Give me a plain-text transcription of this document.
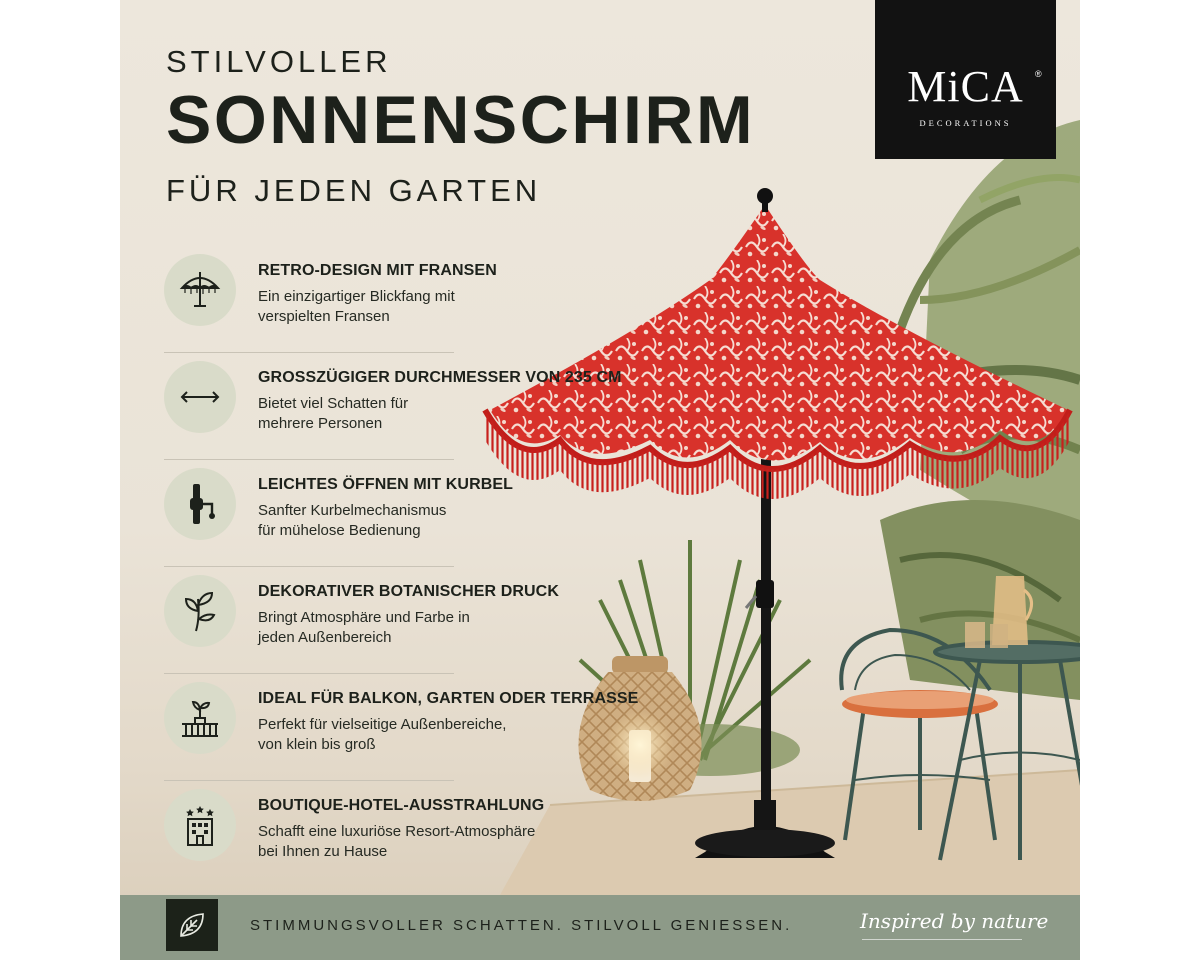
STILVOLLER
SONNENSCHIRM
FÜR JEDEN GARTEN
MiCA	®
DECORATIONS
RETRO-DESIGN MIT FRANSEN
Ein einzigartiger Blickfang mit
verspielten Fransen
GROSSZÜGIGER DURCHMESSER VON 235 CM
Bietet viel Schatten für
mehrere Personen
LEICHTES ÖFFNEN MIT KURBEL
Sanfter Kurbelmechanismus
für mühelose Bedienung
DEKORATIVER BOTANISCHER DRUCK
Bringt Atmosphäre und Farbe in
jeden Außenbereich
IDEAL FÜR BALKON, GARTEN ODER TERRASSE
Perfekt für vielseitige Außenbereiche,
von klein bis groß
BOUTIQUE-HOTEL-AUSSTRAHLUNG
Schafft eine luxuriöse Resort-Atmosphäre
bei Ihnen zu Hause
STIMMUNGSVOLLER SCHATTEN. STILVOLL GENIESSEN.	Inspired by nature
